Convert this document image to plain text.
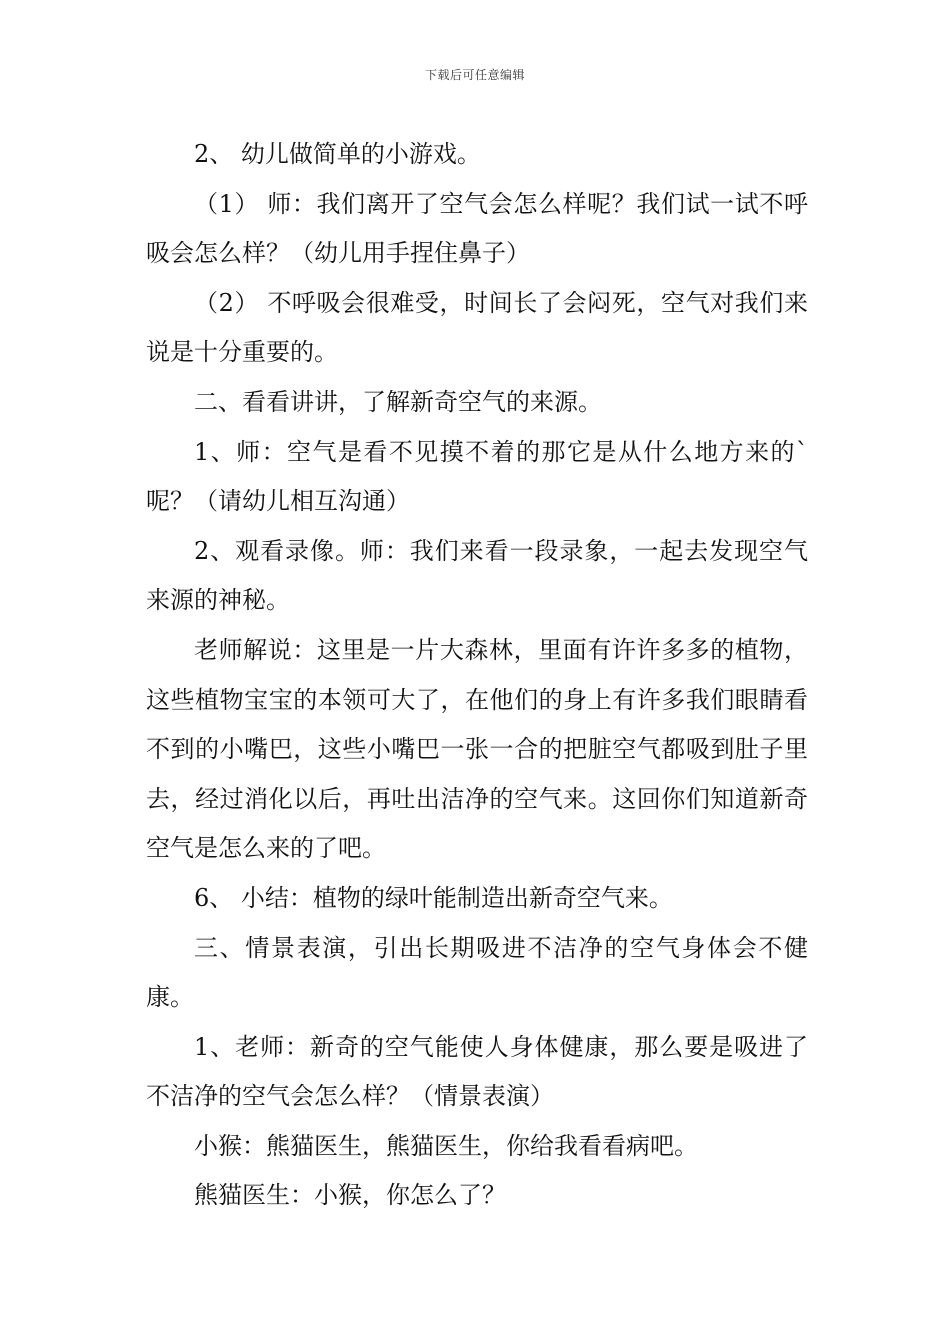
下载后可任意编辑

2、 幼儿做简单的小游戏。

（1） 师：我们离开了空气会怎么样呢？我们试一试不呼吸会怎么样？（幼儿用手捏住鼻子）

（2） 不呼吸会很难受，时间长了会闷死，空气对我们来说是十分重要的。

二、看看讲讲，了解新奇空气的来源。

1、师：空气是看不见摸不着的那它是从什么地方来的`呢？（请幼儿相互沟通）

2、观看录像。师：我们来看一段录象，一起去发现空气来源的神秘。

老师解说：这里是一片大森林，里面有许许多多的植物，这些植物宝宝的本领可大了，在他们的身上有许多我们眼睛看不到的小嘴巴，这些小嘴巴一张一合的把脏空气都吸到肚子里去，经过消化以后，再吐出洁净的空气来。这回你们知道新奇空气是怎么来的了吧。

6、 小结：植物的绿叶能制造出新奇空气来。

三、情景表演，引出长期吸进不洁净的空气身体会不健康。

1、老师：新奇的空气能使人身体健康，那么要是吸进了不洁净的空气会怎么样？（情景表演）

小猴：熊猫医生，熊猫医生，你给我看看病吧。

熊猫医生：小猴，你怎么了？
